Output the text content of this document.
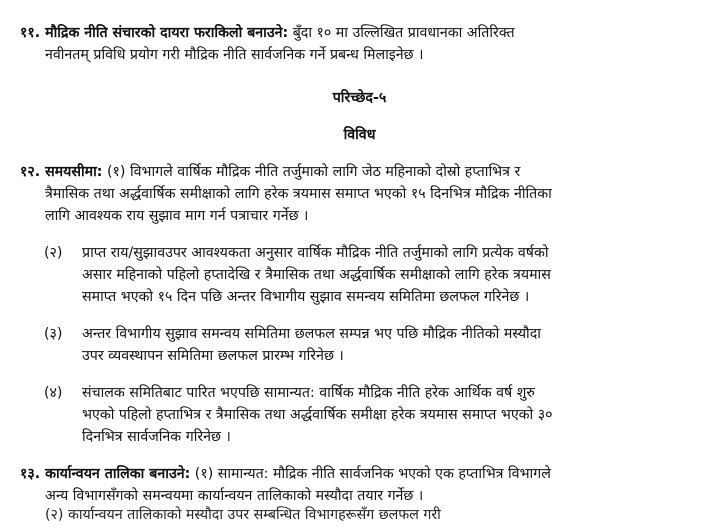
११. मौद्रिक नीति संचारको दायरा फराकिलो बनाउने: बुँदा १० मा उल्लिखित प्रावधानका अतिरिक्त
नवीनतम् प्रविधि प्रयोग गरी मौद्रिक नीति सार्वजनिक गर्ने प्रबन्ध मिलाइनेछ ।
परिच्छेद-५
विविध
१२. समयसीमा: (१) विभागले वार्षिक मौद्रिक नीति तर्जुमाको लागि जेठ महिनाको दोस्रो हप्ताभित्र र
त्रैमासिक तथा अर्द्धवार्षिक समीक्षाको लागि हरेक त्रयमास समाप्त भएको १५ दिनभित्र मौद्रिक नीतिका
लागि आवश्यक राय सुझाव माग गर्न पत्राचार गर्नेछ ।
(२) प्राप्त राय/सुझावउपर आवश्यकता अनुसार वार्षिक मौद्रिक नीति तर्जुमाको लागि प्रत्येक वर्षको
असार महिनाको पहिलो हप्तादेखि र त्रैमासिक तथा अर्द्धवार्षिक समीक्षाको लागि हरेक त्रयमास
समाप्त भएको १५ दिन पछि अन्तर विभागीय सुझाव समन्वय समितिमा छलफल गरिनेछ ।
(३) अन्तर विभागीय सुझाव समन्वय समितिमा छलफल सम्पन्न भए पछि मौद्रिक नीतिको मस्यौदा
उपर व्यवस्थापन समितिमा छलफल प्रारम्भ गरिनेछ ।
(४) संचालक समितिबाट पारित भएपछि सामान्यत: वार्षिक मौद्रिक नीति हरेक आर्थिक वर्ष शुरु
भएको पहिलो हप्ताभित्र र त्रैमासिक तथा अर्द्धवार्षिक समीक्षा हरेक त्रयमास समाप्त भएको ३०
दिनभित्र सार्वजनिक गरिनेछ ।
१३. कार्यान्वयन तालिका बनाउने: (१) सामान्यत: मौद्रिक नीति सार्वजनिक भएको एक हप्ताभित्र विभागले
अन्य विभागसँगको समन्वयमा कार्यान्वयन तालिकाको मस्यौदा तयार गर्नेछ ।
(२) कार्यान्वयन तालिकाको मस्यौदा उपर सम्बन्धित विभागहरूसँग छलफल गरी
